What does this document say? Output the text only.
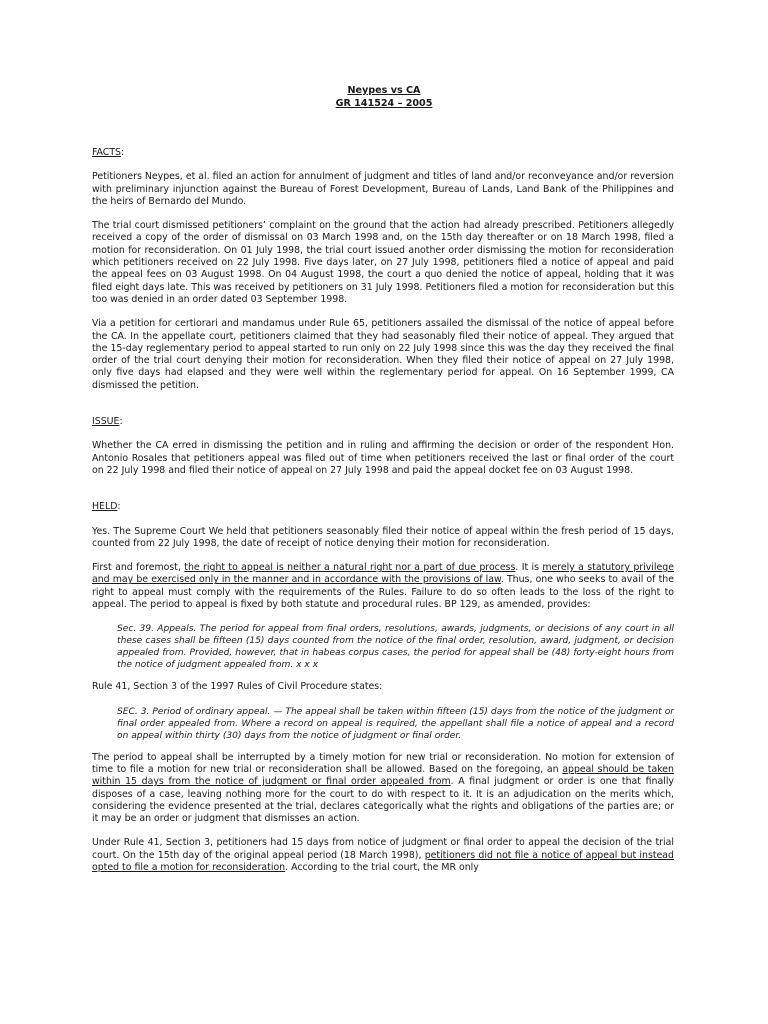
Neypes vs CA
GR 141524 – 2005
FACTS:

Petitioners Neypes, et al. filed an action for annulment of judgment and titles of land and/or reconveyance and/or reversion with preliminary injunction against the Bureau of Forest Development, Bureau of Lands, Land Bank of the Philippines and the heirs of Bernardo del Mundo.

The trial court dismissed petitioners’ complaint on the ground that the action had already prescribed. Petitioners allegedly received a copy of the order of dismissal on 03 March 1998 and, on the 15th day thereafter or on 18 March 1998, filed a motion for reconsideration. On 01 July 1998, the trial court issued another order dismissing the motion for reconsideration which petitioners received on 22 July 1998. Five days later, on 27 July 1998, petitioners filed a notice of appeal and paid the appeal fees on 03 August 1998. On 04 August 1998, the court a quo denied the notice of appeal, holding that it was filed eight days late. This was received by petitioners on 31 July 1998. Petitioners filed a motion for reconsideration but this too was denied in an order dated 03 September 1998.

Via a petition for certiorari and mandamus under Rule 65, petitioners assailed the dismissal of the notice of appeal before the CA. In the appellate court, petitioners claimed that they had seasonably filed their notice of appeal. They argued that the 15-day reglementary period to appeal started to run only on 22 July 1998 since this was the day they received the final order of the trial court denying their motion for reconsideration. When they filed their notice of appeal on 27 July 1998, only five days had elapsed and they were well within the reglementary period for appeal. On 16 September 1999, CA dismissed the petition.

ISSUE:

Whether the CA erred in dismissing the petition and in ruling and affirming the decision or order of the respondent Hon. Antonio Rosales that petitioners appeal was filed out of time when petitioners received the last or final order of the court on 22 July 1998 and filed their notice of appeal on 27 July 1998 and paid the appeal docket fee on 03 August 1998.

HELD:

Yes. The Supreme Court We held that petitioners seasonably filed their notice of appeal within the fresh period of 15 days, counted from 22 July 1998, the date of receipt of notice denying their motion for reconsideration.

First and foremost, the right to appeal is neither a natural right nor a part of due process. It is merely a statutory privilege and may be exercised only in the manner and in accordance with the provisions of law. Thus, one who seeks to avail of the right to appeal must comply with the requirements of the Rules. Failure to do so often leads to the loss of the right to appeal. The period to appeal is fixed by both statute and procedural rules. BP 129, as amended, provides:

Sec. 39. Appeals. The period for appeal from final orders, resolutions, awards, judgments, or decisions of any court in all these cases shall be fifteen (15) days counted from the notice of the final order, resolution, award, judgment, or decision appealed from. Provided, however, that in habeas corpus cases, the period for appeal shall be (48) forty-eight hours from the notice of judgment appealed from. x x x

Rule 41, Section 3 of the 1997 Rules of Civil Procedure states:

SEC. 3. Period of ordinary appeal. — The appeal shall be taken within fifteen (15) days from the notice of the judgment or final order appealed from. Where a record on appeal is required, the appellant shall file a notice of appeal and a record on appeal within thirty (30) days from the notice of judgment or final order.

The period to appeal shall be interrupted by a timely motion for new trial or reconsideration. No motion for extension of time to file a motion for new trial or reconsideration shall be allowed. Based on the foregoing, an appeal should be taken within 15 days from the notice of judgment or final order appealed from. A final judgment or order is one that finally disposes of a case, leaving nothing more for the court to do with respect to it. It is an adjudication on the merits which, considering the evidence presented at the trial, declares categorically what the rights and obligations of the parties are; or it may be an order or judgment that dismisses an action.

Under Rule 41, Section 3, petitioners had 15 days from notice of judgment or final order to appeal the decision of the trial court. On the 15th day of the original appeal period (18 March 1998), petitioners did not file a notice of appeal but instead opted to file a motion for reconsideration. According to the trial court, the MR only
